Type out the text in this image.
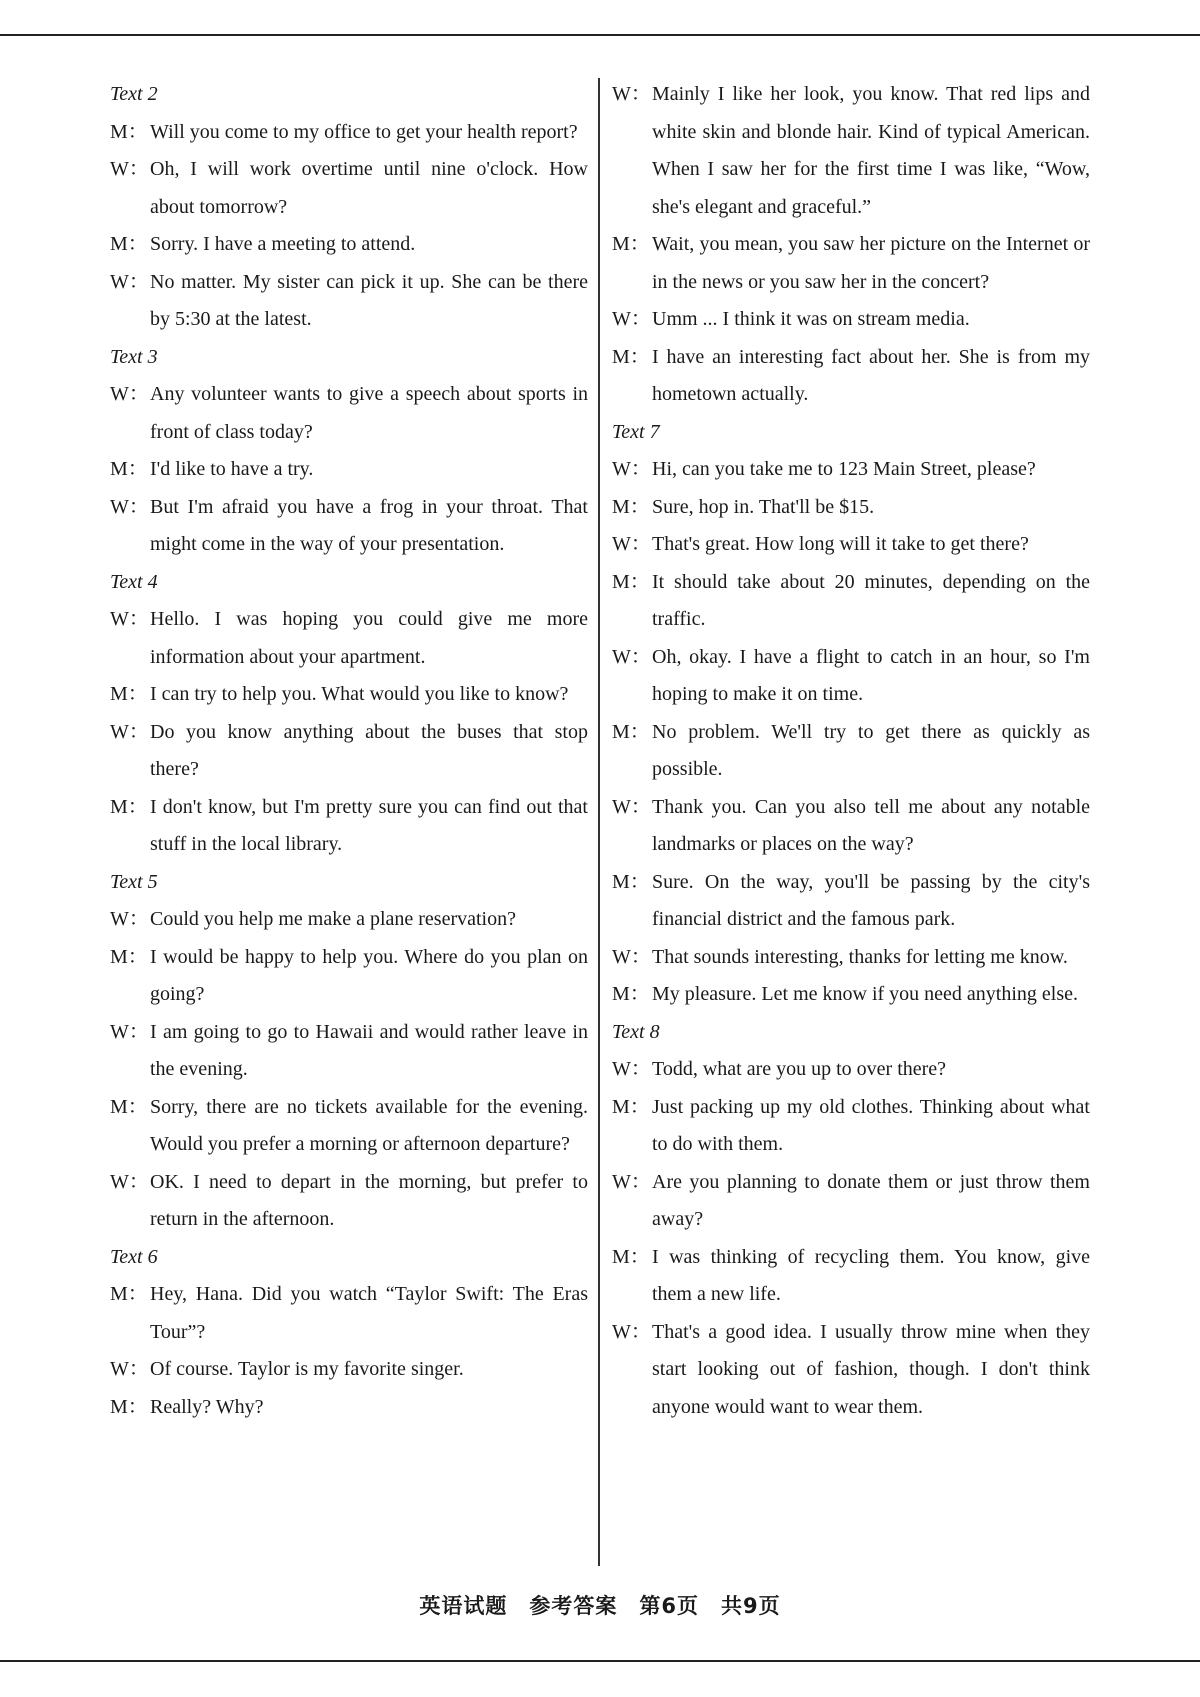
Text 2
M： Will you come to my office to get your health report?
W： Oh, I will work overtime until nine o'clock. How about tomorrow?
M： Sorry. I have a meeting to attend.
W： No matter. My sister can pick it up. She can be there by 5:30 at the latest.
Text 3
W： Any volunteer wants to give a speech about sports in front of class today?
M： I'd like to have a try.
W： But I'm afraid you have a frog in your throat. That might come in the way of your presentation.
Text 4
W： Hello. I was hoping you could give me more information about your apartment.
M： I can try to help you. What would you like to know?
W： Do you know anything about the buses that stop there?
M： I don't know, but I'm pretty sure you can find out that stuff in the local library.
Text 5
W： Could you help me make a plane reservation?
M： I would be happy to help you. Where do you plan on going?
W： I am going to go to Hawaii and would rather leave in the evening.
M： Sorry, there are no tickets available for the evening. Would you prefer a morning or afternoon departure?
W： OK. I need to depart in the morning, but prefer to return in the afternoon.
Text 6
M： Hey, Hana. Did you watch “Taylor Swift: The Eras Tour”?
W： Of course. Taylor is my favorite singer.
M： Really? Why?
W： Mainly I like her look, you know. That red lips and white skin and blonde hair. Kind of typical American. When I saw her for the first time I was like, “Wow, she's elegant and graceful.”
M： Wait, you mean, you saw her picture on the Internet or in the news or you saw her in the concert?
W： Umm ... I think it was on stream media.
M： I have an interesting fact about her. She is from my hometown actually.
Text 7
W： Hi, can you take me to 123 Main Street, please?
M： Sure, hop in. That'll be $15.
W： That's great. How long will it take to get there?
M： It should take about 20 minutes, depending on the traffic.
W： Oh, okay. I have a flight to catch in an hour, so I'm hoping to make it on time.
M： No problem. We'll try to get there as quickly as possible.
W： Thank you. Can you also tell me about any notable landmarks or places on the way?
M： Sure. On the way, you'll be passing by the city's financial district and the famous park.
W： That sounds interesting, thanks for letting me know.
M： My pleasure. Let me know if you need anything else.
Text 8
W： Todd, what are you up to over there?
M： Just packing up my old clothes. Thinking about what to do with them.
W： Are you planning to donate them or just throw them away?
M： I was thinking of recycling them. You know, give them a new life.
W： That's a good idea. I usually throw mine when they start looking out of fashion, though. I don't think anyone would want to wear them.
英语试题　参考答案　第6页　共9页
